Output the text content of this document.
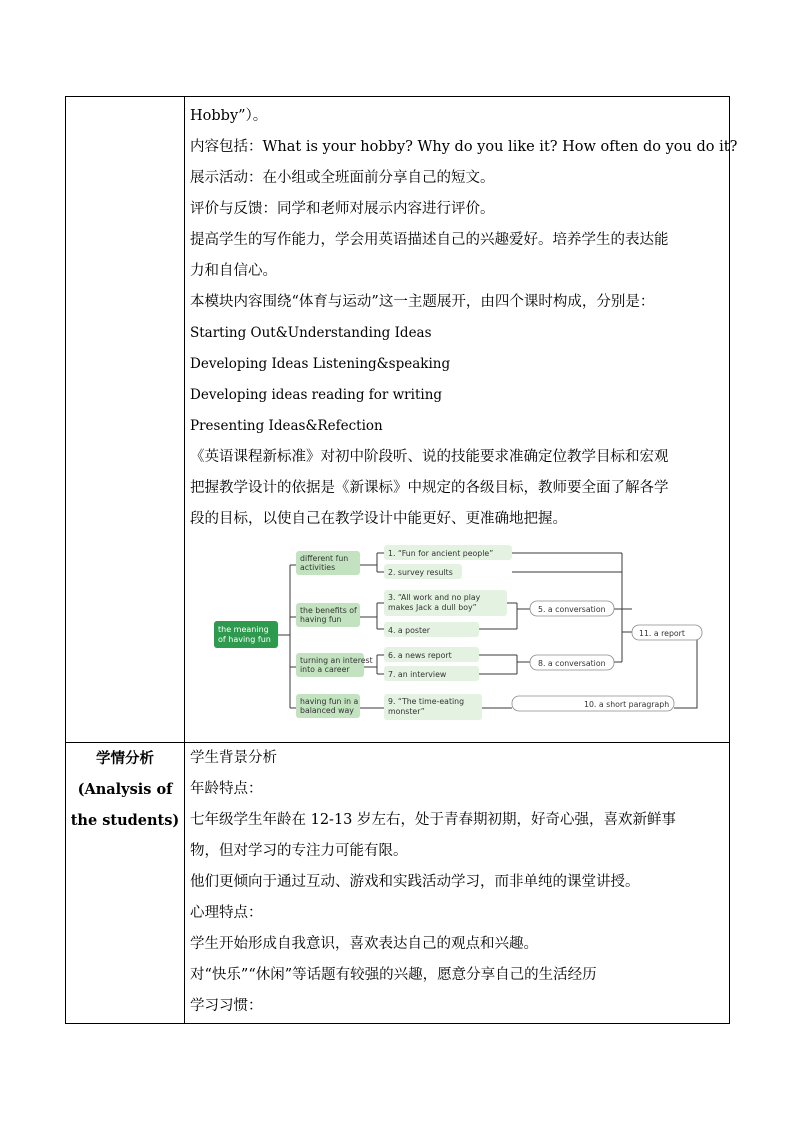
Hobby”）。
内容包括：What is your hobby? Why do you like it? How often do you do it?
展示活动：在小组或全班面前分享自己的短文。
评价与反馈：同学和老师对展示内容进行评价。
提高学生的写作能力，学会用英语描述自己的兴趣爱好。培养学生的表达能
力和自信心。
本模块内容围绕“体育与运动”这一主题展开，由四个课时构成，分别是：
Starting Out&Understanding Ideas
Developing Ideas Listening&speaking
Developing ideas reading for writing
Presenting Ideas&Refection
《英语课程新标准》对初中阶段听、说的技能要求准确定位教学目标和宏观
把握教学设计的依据是《新课标》中规定的各级目标，教师要全面了解各学
段的目标，以使自己在教学设计中能更好、更准确地把握。
the meaning
of having fun
different fun
activities
the benefits of
having fun
turning an interest
into a career
having fun in a
balanced way
1. “Fun for ancient people”
2. survey results
3. “All work and no play
makes Jack a dull boy”
4. a poster
6. a news report
7. an interview
9. “The time-eating
monster”
5. a conversation
8. a conversation
10. a short paragraph
11. a report
学情分析
(Analysis of
the students)
学生背景分析
年龄特点：
七年级学生年龄在 12-13 岁左右，处于青春期初期，好奇心强，喜欢新鲜事
物，但对学习的专注力可能有限。
他们更倾向于通过互动、游戏和实践活动学习，而非单纯的课堂讲授。
心理特点：
学生开始形成自我意识，喜欢表达自己的观点和兴趣。
对“快乐”“休闲”等话题有较强的兴趣，愿意分享自己的生活经历
学习习惯：
